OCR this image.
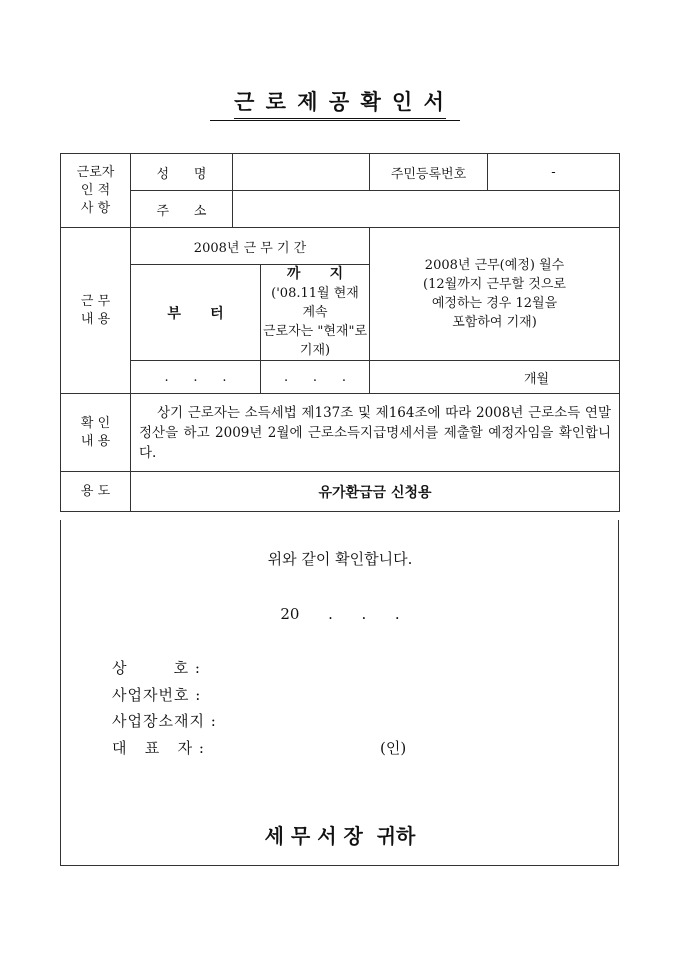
근 로 제 공 확 인 서
근로자
인 적
사 항	성      명			주민등록번호	-
	주      소				
근 무
내 용	2008년 근 무 기 간			2008년 근무(예정) 월수
(12월까지 근무할 것으로
예정하는 경우 12월을
포함하여 기재)	
	부      터		까      지
('08.11월 현재 계속
근로자는 "현재"로
기재)		

	.      .      .		.      .      .	개월	
확 인
내 용	상기 근로자는 소득세법 제137조 및 제164조에 따라 2008년 근로소득 연말정산을 하고 2009년 2월에 근로소득지급명세서를 제출할 예정자임을 확인합니다.				
용 도	유가환급금 신청용				
위와 같이 확인합니다.
20      .      .      .
상        호 :
사업자번호 :
사업장소재지 :
대   표   자 :	(인)
세 무 서 장  귀하
